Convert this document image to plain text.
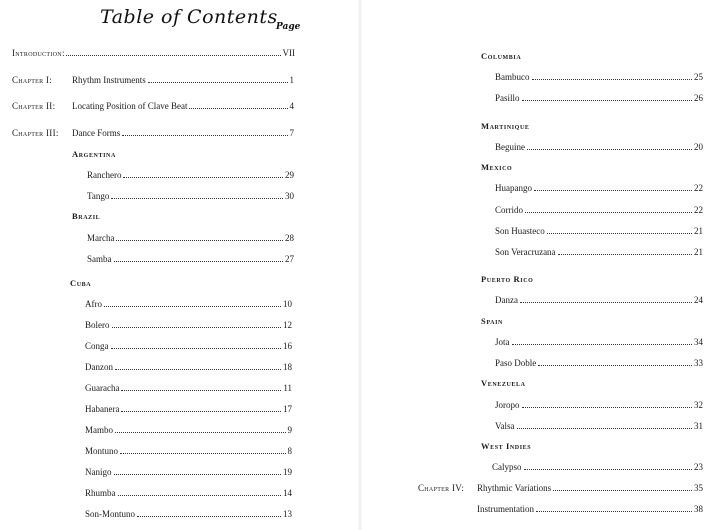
Table of Contents
Page
Introduction :	VII
Chapter I: Rhythm Instruments	1
Chapter II: Locating Position of Clave Beat	4
Chapter III: Dance Forms	7
Argentina
Ranchero	29
Tango	30
Brazil
Marcha	28
Samba	27
Cuba
Afro	10
Bolero	12
Conga	16
Danzon	18
Guaracha	11
Habanera	17
Mambo	9
Montuno	8
Nanigo	19
Rhumba	14
Son-Montuno	13
Columbia
Bambuco	25
Pasillo	26
Martinique
Beguine	20
Mexico
Huapango	22
Corrido	22
Son Huasteco	21
Son Veracruzana	21
Puerto Rico
Danza	24
Spain
Jota	34
Paso Doble	33
Venezuela
Joropo	32
Valsa	31
West Indies
Calypso	23
Chapter IV: Rhythmic Variations	35
Instrumentation	38
